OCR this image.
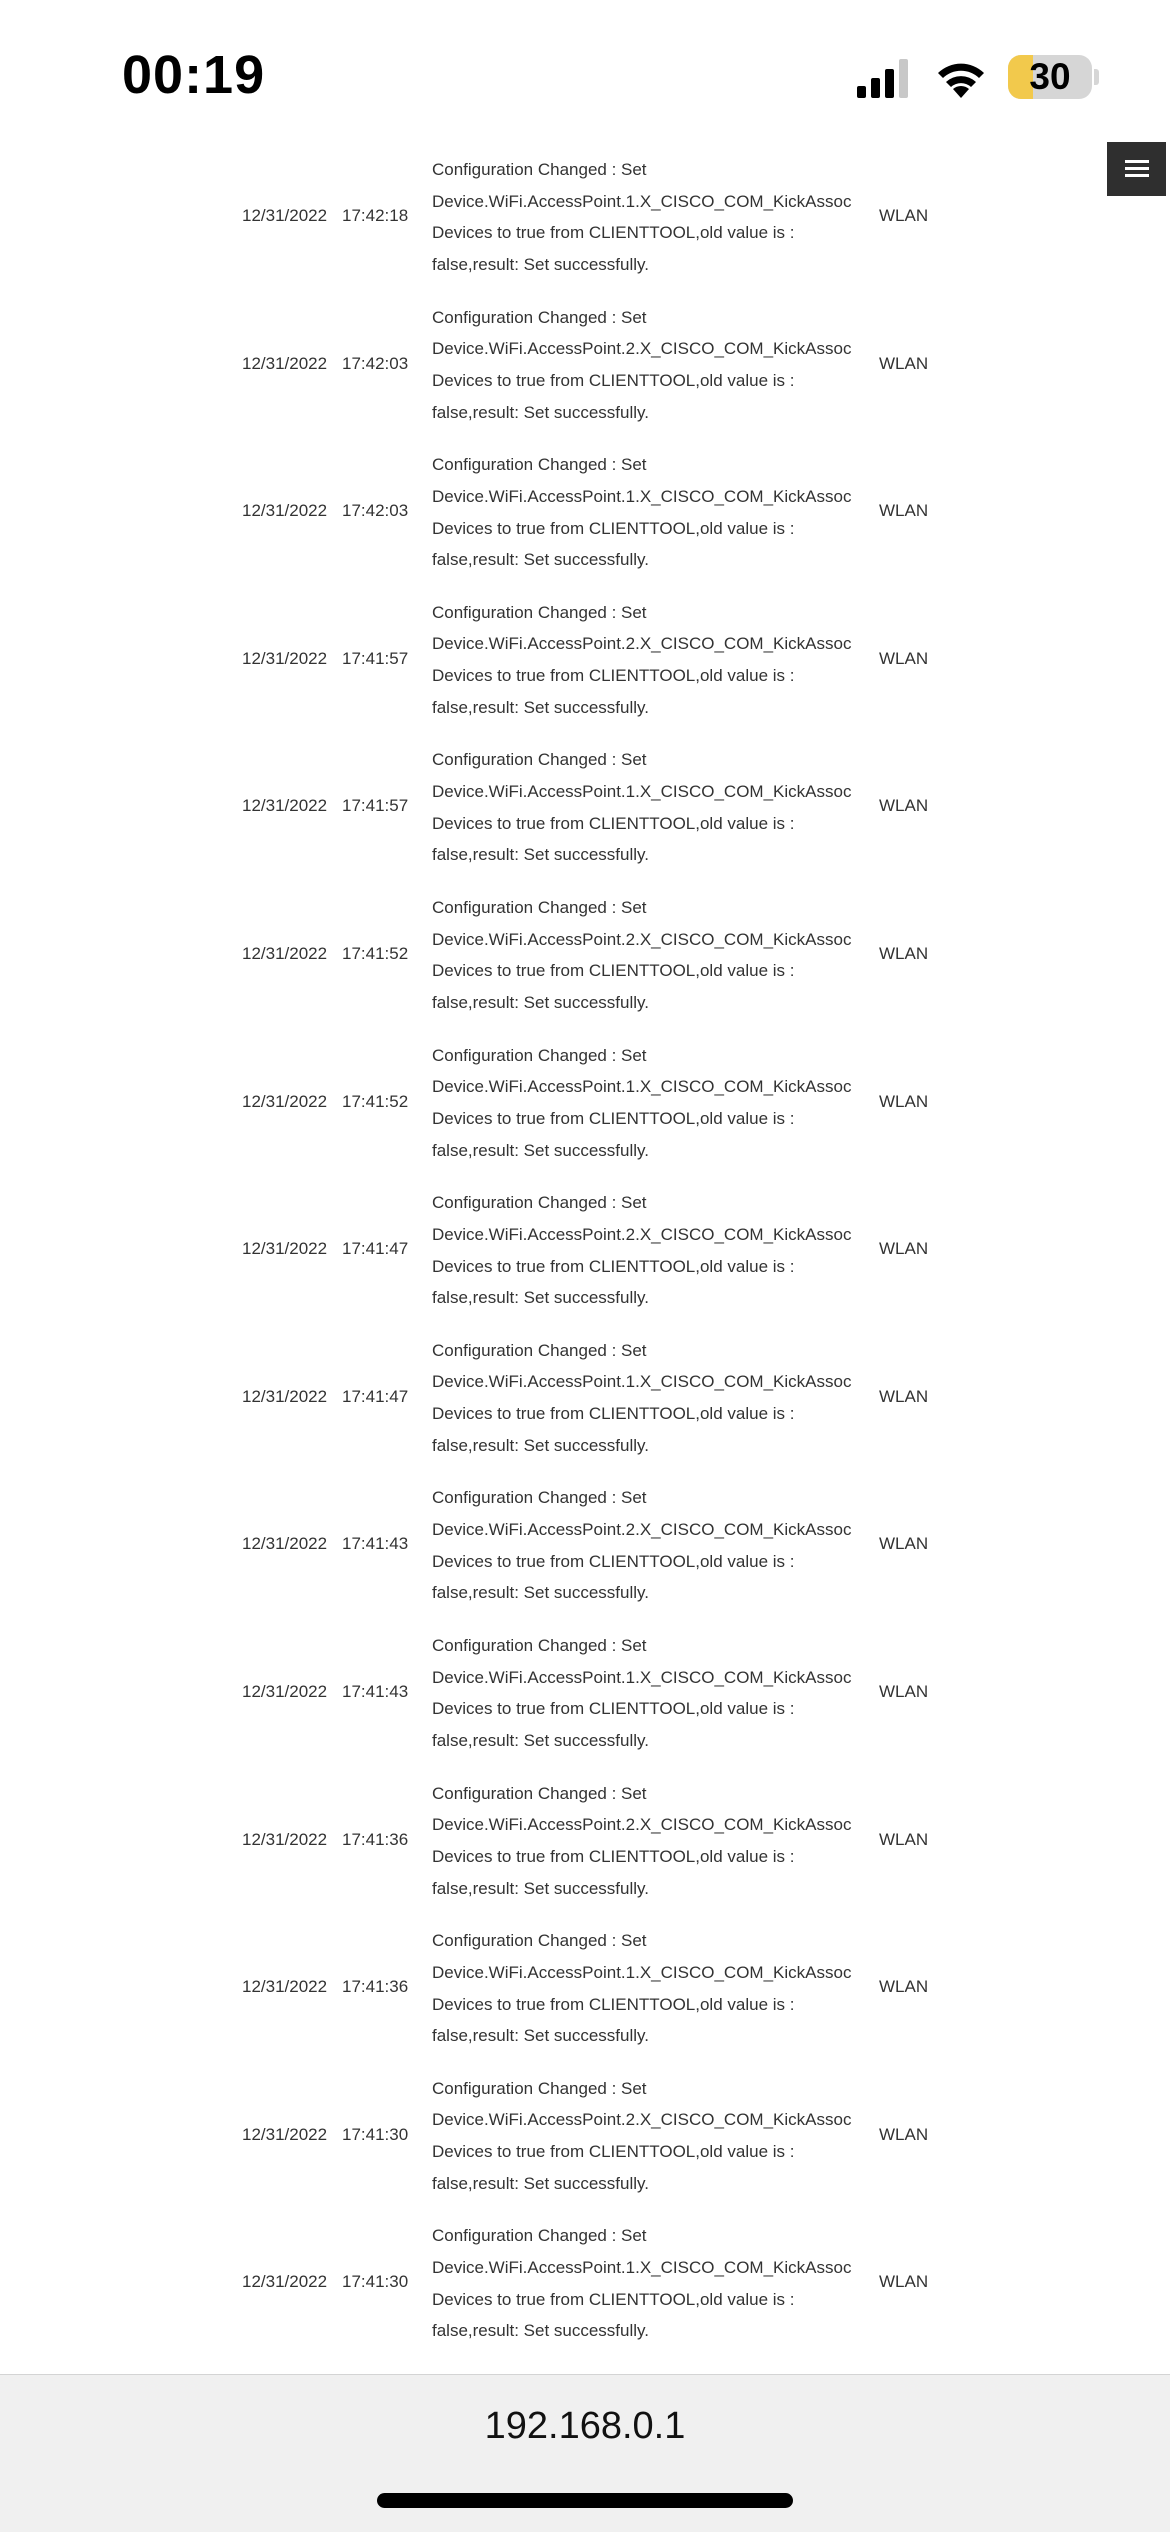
00:19	30
12/31/2022 17:42:18
Configuration Changed : Set
Device.WiFi.AccessPoint.1.X_CISCO_COM_KickAssoc
Devices to true from CLIENTTOOL,old value is :
false,result: Set successfully.
WLAN
12/31/2022 17:42:03
Configuration Changed : Set
Device.WiFi.AccessPoint.2.X_CISCO_COM_KickAssoc
Devices to true from CLIENTTOOL,old value is :
false,result: Set successfully.
WLAN
12/31/2022 17:42:03
Configuration Changed : Set
Device.WiFi.AccessPoint.1.X_CISCO_COM_KickAssoc
Devices to true from CLIENTTOOL,old value is :
false,result: Set successfully.
WLAN
12/31/2022 17:41:57
Configuration Changed : Set
Device.WiFi.AccessPoint.2.X_CISCO_COM_KickAssoc
Devices to true from CLIENTTOOL,old value is :
false,result: Set successfully.
WLAN
12/31/2022 17:41:57
Configuration Changed : Set
Device.WiFi.AccessPoint.1.X_CISCO_COM_KickAssoc
Devices to true from CLIENTTOOL,old value is :
false,result: Set successfully.
WLAN
12/31/2022 17:41:52
Configuration Changed : Set
Device.WiFi.AccessPoint.2.X_CISCO_COM_KickAssoc
Devices to true from CLIENTTOOL,old value is :
false,result: Set successfully.
WLAN
12/31/2022 17:41:52
Configuration Changed : Set
Device.WiFi.AccessPoint.1.X_CISCO_COM_KickAssoc
Devices to true from CLIENTTOOL,old value is :
false,result: Set successfully.
WLAN
12/31/2022 17:41:47
Configuration Changed : Set
Device.WiFi.AccessPoint.2.X_CISCO_COM_KickAssoc
Devices to true from CLIENTTOOL,old value is :
false,result: Set successfully.
WLAN
12/31/2022 17:41:47
Configuration Changed : Set
Device.WiFi.AccessPoint.1.X_CISCO_COM_KickAssoc
Devices to true from CLIENTTOOL,old value is :
false,result: Set successfully.
WLAN
12/31/2022 17:41:43
Configuration Changed : Set
Device.WiFi.AccessPoint.2.X_CISCO_COM_KickAssoc
Devices to true from CLIENTTOOL,old value is :
false,result: Set successfully.
WLAN
12/31/2022 17:41:43
Configuration Changed : Set
Device.WiFi.AccessPoint.1.X_CISCO_COM_KickAssoc
Devices to true from CLIENTTOOL,old value is :
false,result: Set successfully.
WLAN
12/31/2022 17:41:36
Configuration Changed : Set
Device.WiFi.AccessPoint.2.X_CISCO_COM_KickAssoc
Devices to true from CLIENTTOOL,old value is :
false,result: Set successfully.
WLAN
12/31/2022 17:41:36
Configuration Changed : Set
Device.WiFi.AccessPoint.1.X_CISCO_COM_KickAssoc
Devices to true from CLIENTTOOL,old value is :
false,result: Set successfully.
WLAN
12/31/2022 17:41:30
Configuration Changed : Set
Device.WiFi.AccessPoint.2.X_CISCO_COM_KickAssoc
Devices to true from CLIENTTOOL,old value is :
false,result: Set successfully.
WLAN
12/31/2022 17:41:30
Configuration Changed : Set
Device.WiFi.AccessPoint.1.X_CISCO_COM_KickAssoc
Devices to true from CLIENTTOOL,old value is :
false,result: Set successfully.
WLAN
192.168.0.1
